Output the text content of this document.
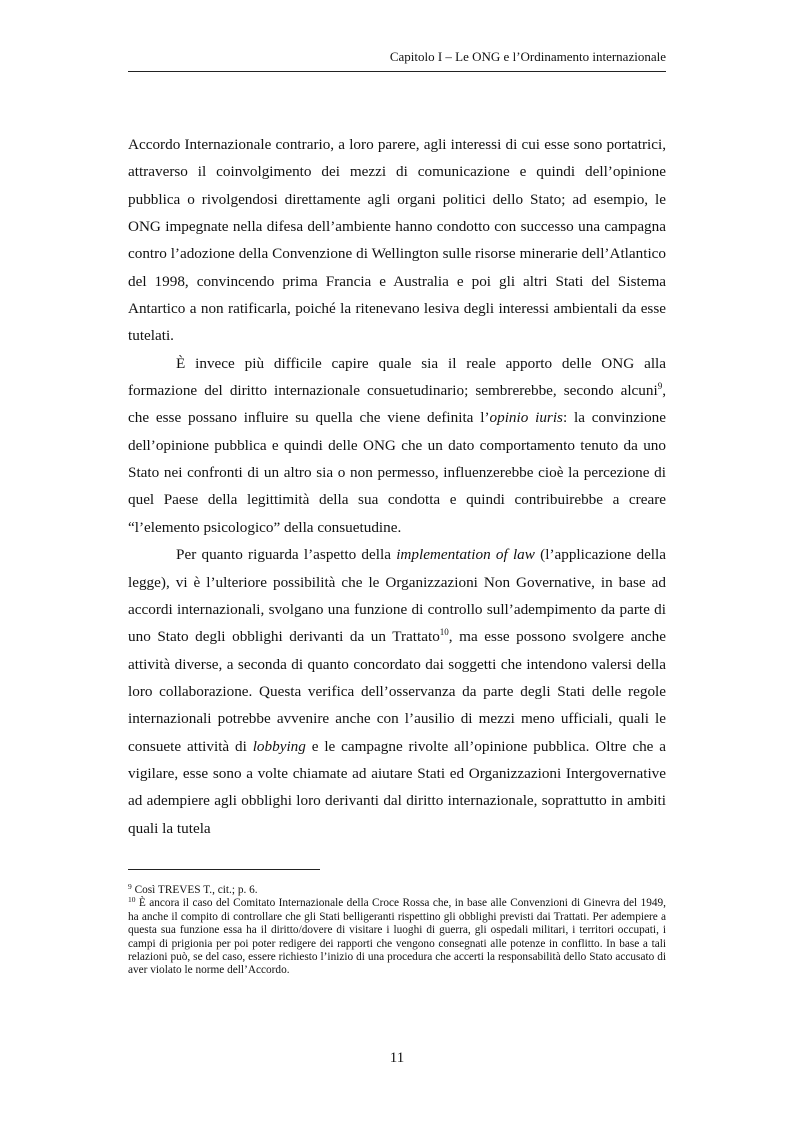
Capitolo I – Le ONG e l’Ordinamento internazionale

Accordo Internazionale contrario, a loro parere, agli interessi di cui esse sono portatrici, attraverso il coinvolgimento dei mezzi di comunicazione e quindi dell’opinione pubblica o rivolgendosi direttamente agli organi politici dello Stato; ad esempio, le ONG impegnate nella difesa dell’ambiente hanno condotto con successo una campagna contro l’adozione della Convenzione di Wellington sulle risorse minerarie dell’Atlantico del 1998, convincendo prima Francia e Australia e poi gli altri Stati del Sistema Antartico a non ratificarla, poiché la ritenevano lesiva degli interessi ambientali da esse tutelati.

È invece più difficile capire quale sia il reale apporto delle ONG alla formazione del diritto internazionale consuetudinario; sembrerebbe, secondo alcuni$^9$, che esse possano influire su quella che viene definita l’opinio iuris: la convinzione dell’opinione pubblica e quindi delle ONG che un dato comportamento tenuto da uno Stato nei confronti di un altro sia o non permesso, influenzerebbe cioè la percezione di quel Paese della legittimità della sua condotta e quindi contribuirebbe a creare “l’elemento psicologico” della consuetudine.

Per quanto riguarda l’aspetto della implementation of law (l’applicazione della legge), vi è l’ulteriore possibilità che le Organizzazioni Non Governative, in base ad accordi internazionali, svolgano una funzione di controllo sull’adempimento da parte di uno Stato degli obblighi derivanti da un Trattato$^{10}$, ma esse possono svolgere anche attività diverse, a seconda di quanto concordato dai soggetti che intendono valersi della loro collaborazione. Questa verifica dell’osservanza da parte degli Stati delle regole internazionali potrebbe avvenire anche con l’ausilio di mezzi meno ufficiali, quali le consuete attività di lobbying e le campagne rivolte all’opinione pubblica. Oltre che a vigilare, esse sono a volte chiamate ad aiutare Stati ed Organizzazioni Intergovernative ad adempiere agli obblighi loro derivanti dal diritto internazionale, soprattutto in ambiti quali la tutela

$^9$ Così TREVES T., cit.; p. 6.

$^{10}$ È ancora il caso del Comitato Internazionale della Croce Rossa che, in base alle Convenzioni di Ginevra del 1949, ha anche il compito di controllare che gli Stati belligeranti rispettino gli obblighi previsti dai Trattati. Per adempiere a questa sua funzione essa ha il diritto/dovere di visitare i luoghi di guerra, gli ospedali militari, i territori occupati, i campi di prigionia per poi poter redigere dei rapporti che vengono consegnati alle potenze in conflitto. In base a tali relazioni può, se del caso, essere richiesto l’inizio di una procedura che accerti la responsabilità dello Stato accusato di aver violato le norme dell’Accordo.

11
